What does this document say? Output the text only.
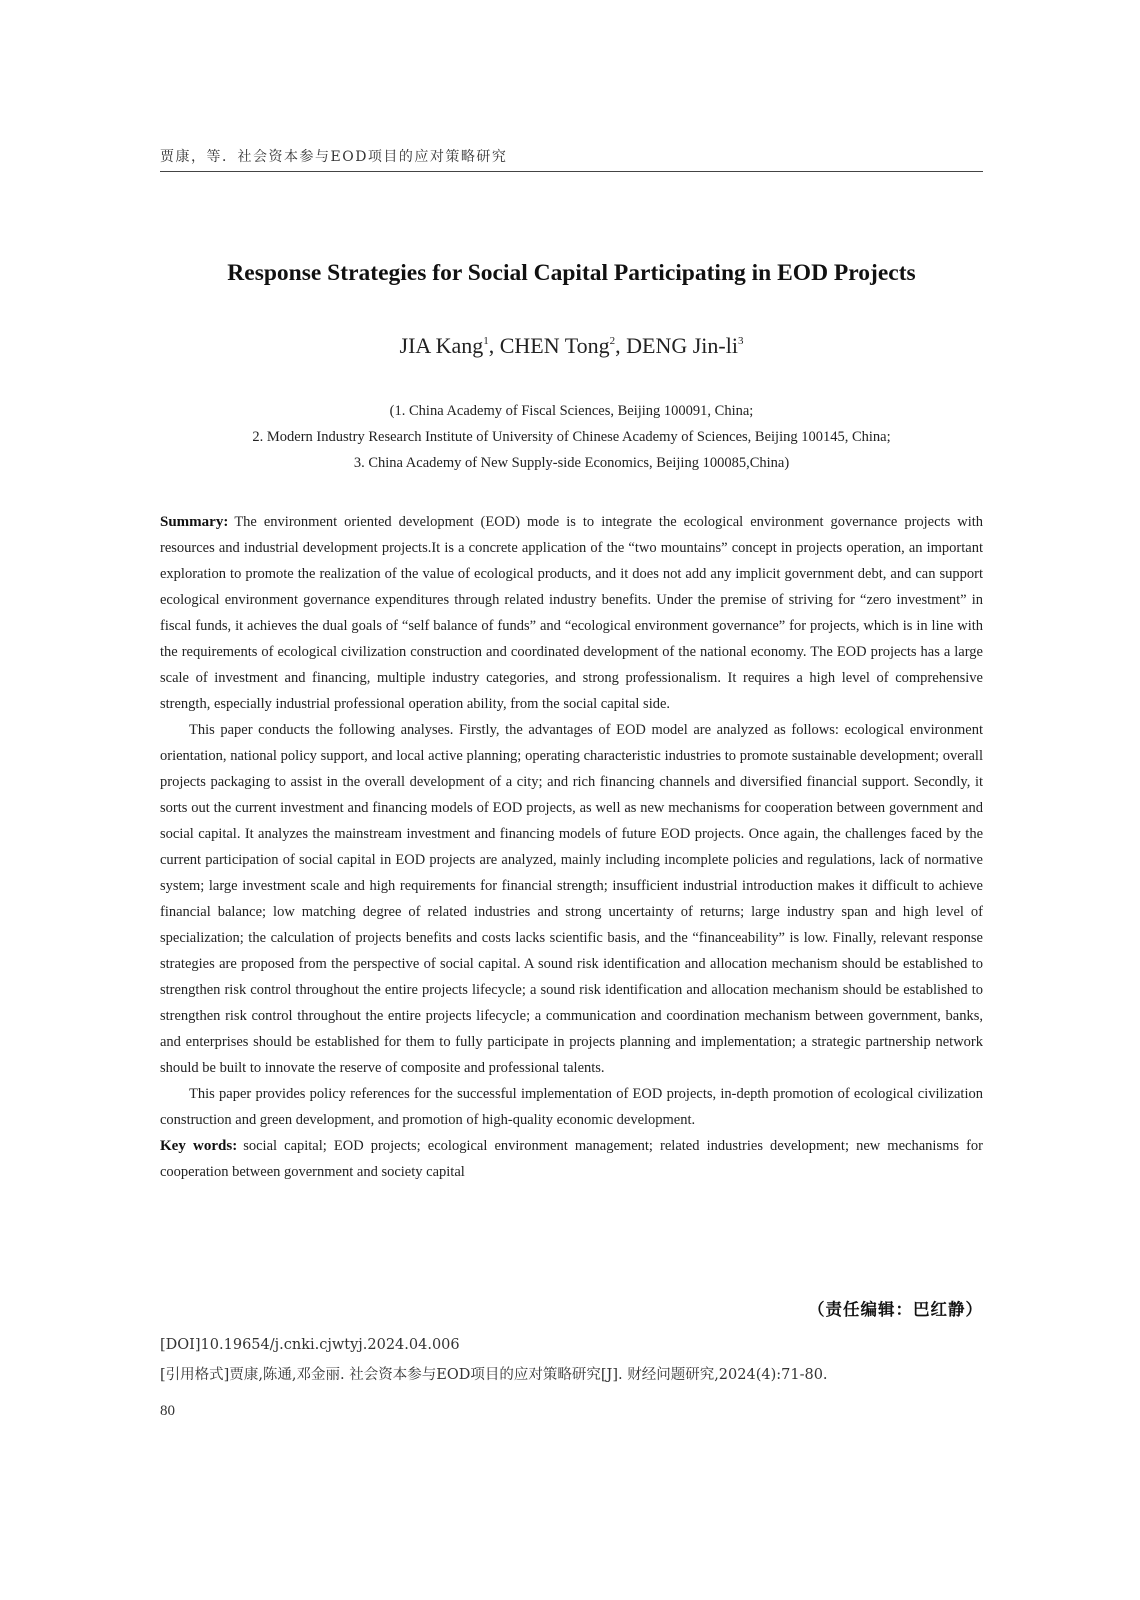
贾康，等．社会资本参与EOD项目的应对策略研究
Response Strategies for Social Capital Participating in EOD Projects
JIA Kang$^1$, CHEN Tong$^2$, DENG Jin-$li^3$
(1. China Academy of Fiscal Sciences, Beijing 100091, China;
2. Modern Industry Research Institute of University of Chinese Academy of Sciences, Beijing 100145, China;
3. China Academy of New Supply-side Economics, Beijing 100085,China)

Summary: The environment oriented development (EOD) mode is to integrate the ecological environment governance projects with resources and industrial development projects.It is a concrete application of the “two mountains” concept in projects operation, an important exploration to promote the realization of the value of ecological products, and it does not add any implicit government debt, and can support ecological environment governance expenditures through related industry benefits. Under the premise of striving for “zero investment” in fiscal funds, it achieves the dual goals of “self balance of funds” and “ecological environment governance” for projects, which is in line with the requirements of ecological civilization construction and coordinated development of the national economy. The EOD projects has a large scale of investment and financing, multiple industry categories, and strong professionalism. It requires a high level of comprehensive strength, especially industrial professional operation ability, from the social capital side.

This paper conducts the following analyses. Firstly, the advantages of EOD model are analyzed as follows: ecological environment orientation, national policy support, and local active planning; operating characteristic industries to promote sustainable development; overall projects packaging to assist in the overall development of a city; and rich financing channels and diversified financial support. Secondly, it sorts out the current investment and financing models of EOD projects, as well as new mechanisms for cooperation between government and social capital. It analyzes the mainstream investment and financing models of future EOD projects. Once again, the challenges faced by the current participation of social capital in EOD projects are analyzed, mainly including incomplete policies and regulations, lack of normative system; large investment scale and high requirements for financial strength; insufficient industrial introduction makes it difficult to achieve financial balance; low matching degree of related industries and strong uncertainty of returns; large industry span and high level of specialization; the calculation of projects benefits and costs lacks scientific basis, and the “financeability” is low. Finally, relevant response strategies are proposed from the perspective of social capital. A sound risk identification and allocation mechanism should be established to strengthen risk control throughout the entire projects lifecycle; a sound risk identification and allocation mechanism should be established to strengthen risk control throughout the entire projects lifecycle; a communication and coordination mechanism between government, banks, and enterprises should be established for them to fully participate in projects planning and implementation; a strategic partnership network should be built to innovate the reserve of composite and professional talents.

This paper provides policy references for the successful implementation of EOD projects, in-depth promotion of ecological civilization construction and green development, and promotion of high-quality economic development.

Key words: social capital; EOD projects; ecological environment management; related industries development; new mechanisms for cooperation between government and society capital

（责任编辑：巴红静）
[DOI]10.19654/j.cnki.cjwtyj.2024.04.006
[引用格式]贾康,陈通,邓金丽. 社会资本参与EOD项目的应对策略研究[J]. 财经问题研究,2024(4):71-80.
80
